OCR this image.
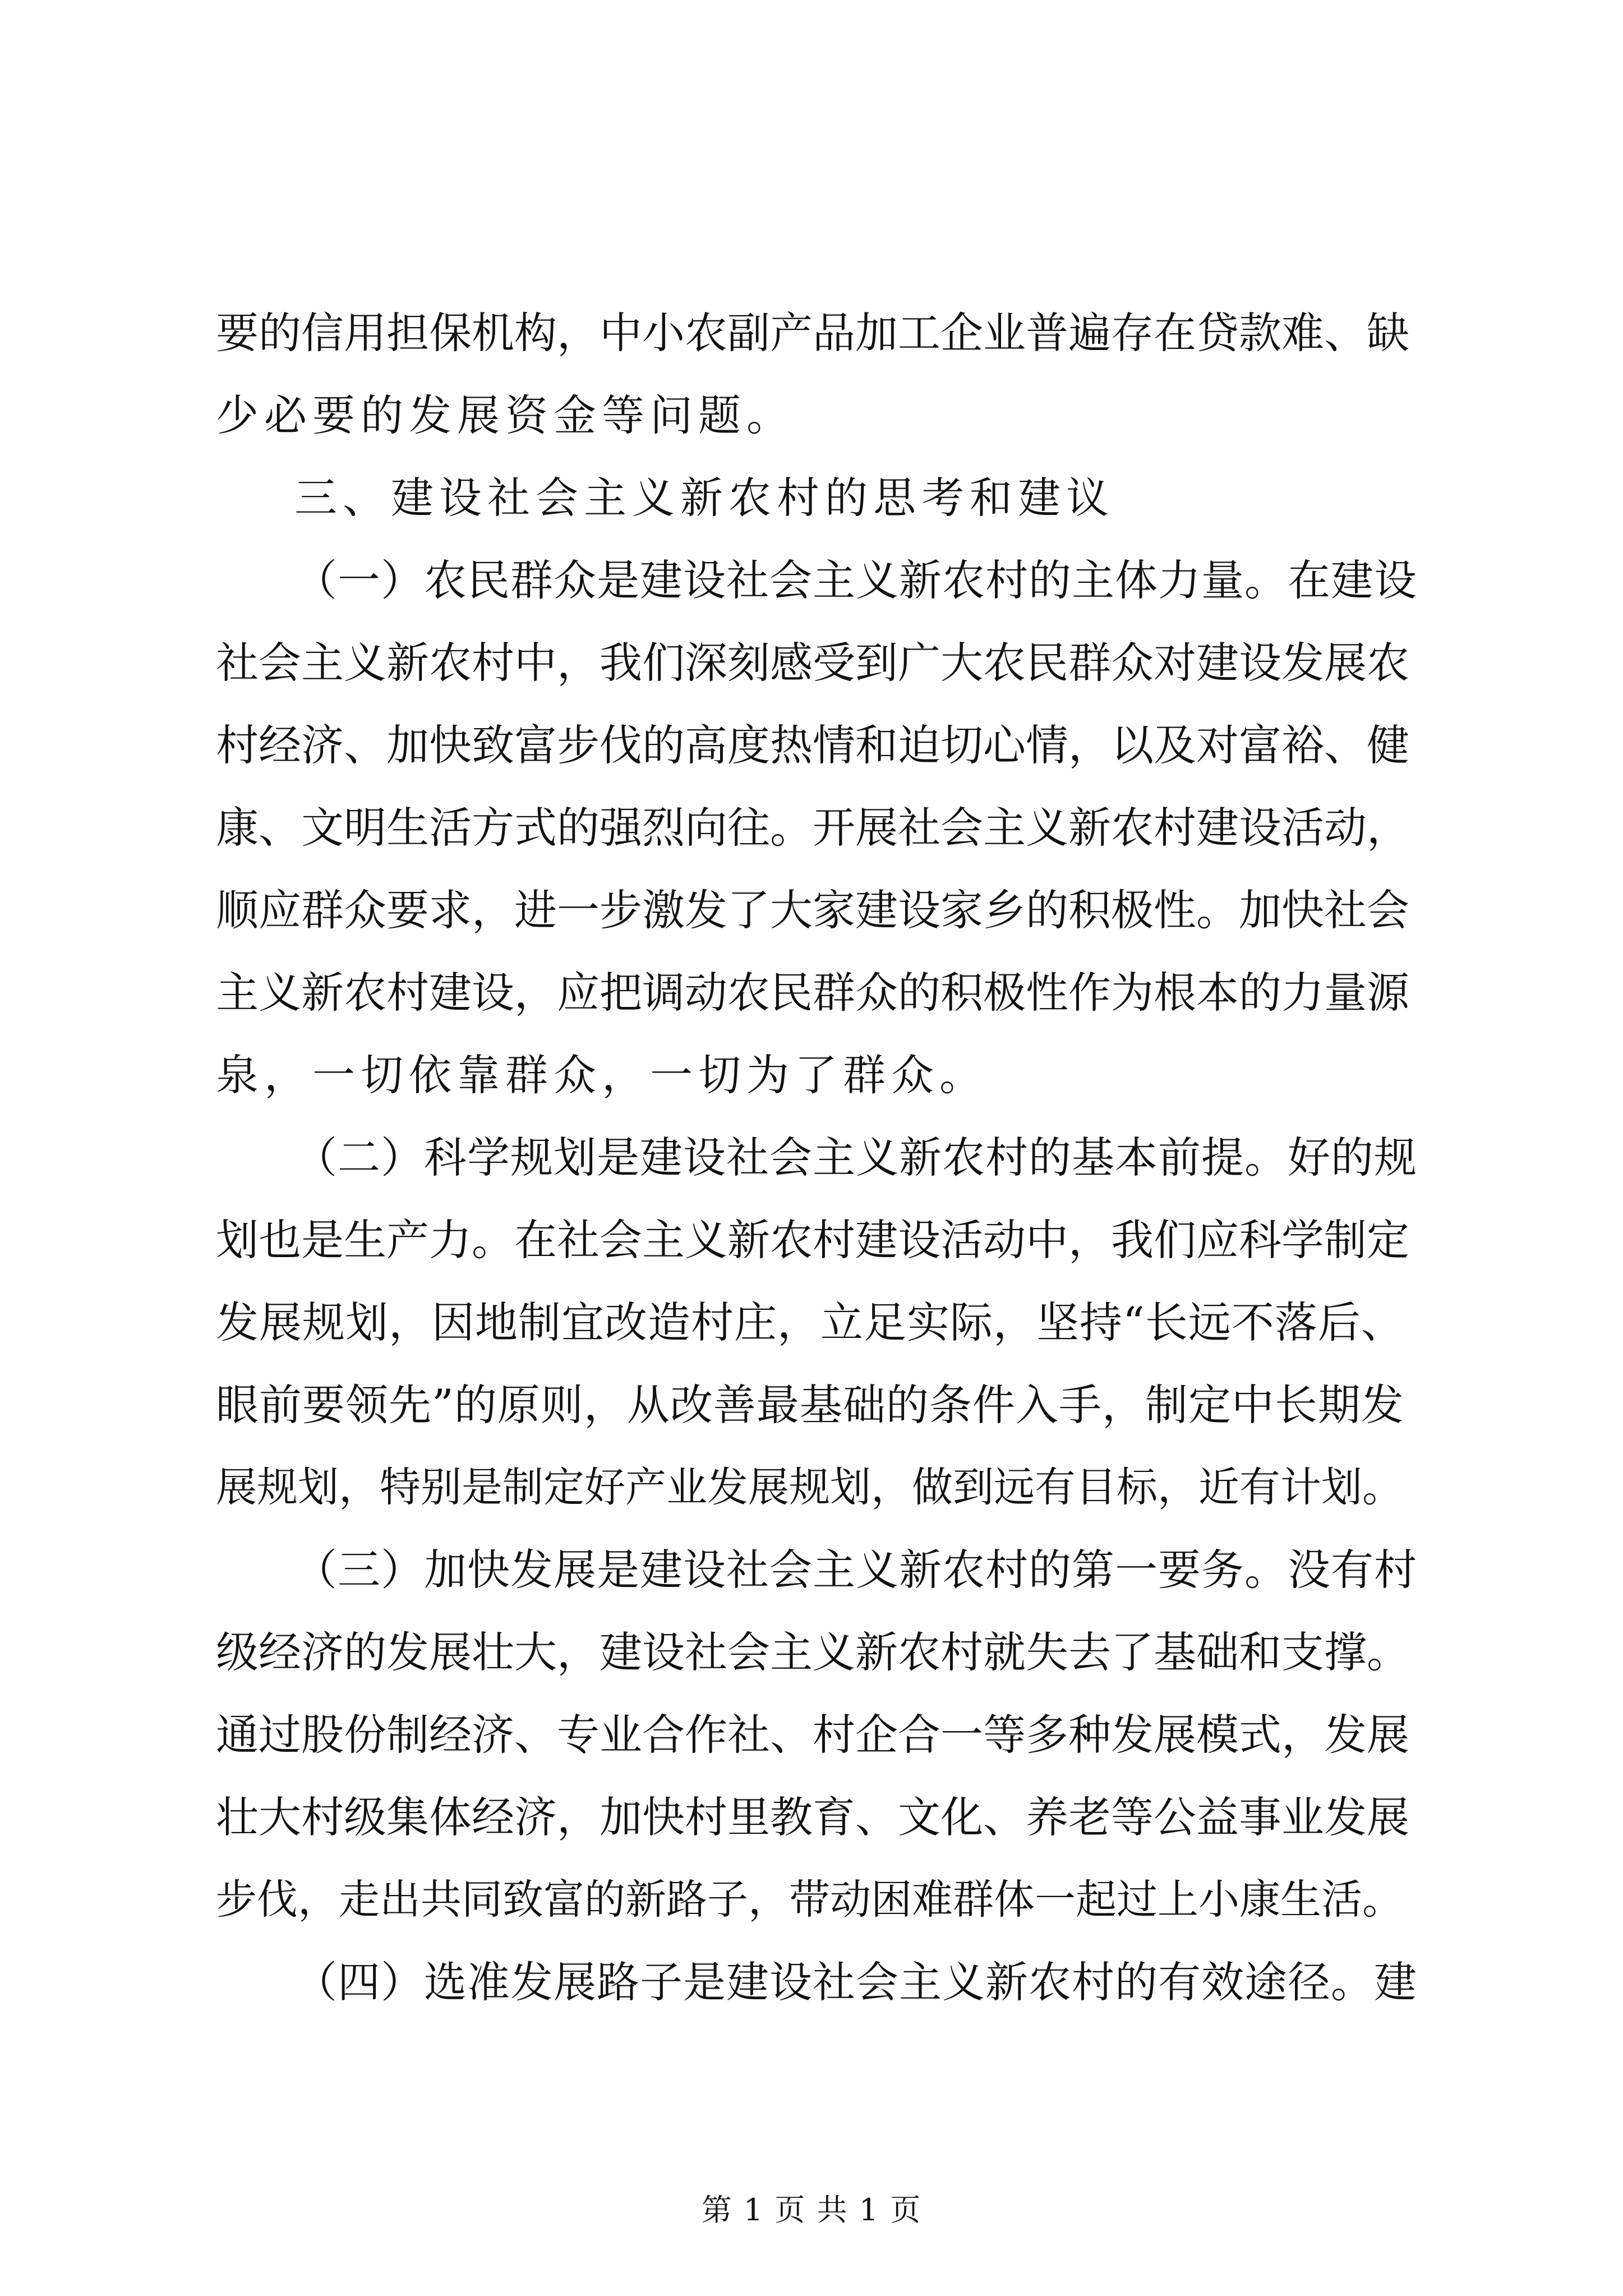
要的信用担保机构，中小农副产品加工企业普遍存在贷款难、缺
少必要的发展资金等问题。
三、建设社会主义新农村的思考和建议
（一）农民群众是建设社会主义新农村的主体力量。在建设
社会主义新农村中，我们深刻感受到广大农民群众对建设发展农
村经济、加快致富步伐的高度热情和迫切心情，以及对富裕、健
康、文明生活方式的强烈向往。开展社会主义新农村建设活动，
顺应群众要求，进一步激发了大家建设家乡的积极性。加快社会
主义新农村建设，应把调动农民群众的积极性作为根本的力量源
泉，一切依靠群众，一切为了群众。
（二）科学规划是建设社会主义新农村的基本前提。好的规
划也是生产力。在社会主义新农村建设活动中，我们应科学制定
发展规划，因地制宜改造村庄，立足实际，坚持“长远不落后、
眼前要领先”的原则，从改善最基础的条件入手，制定中长期发
展规划，特别是制定好产业发展规划，做到远有目标，近有计划。
（三）加快发展是建设社会主义新农村的第一要务。没有村
级经济的发展壮大，建设社会主义新农村就失去了基础和支撑。
通过股份制经济、专业合作社、村企合一等多种发展模式，发展
壮大村级集体经济，加快村里教育、文化、养老等公益事业发展
步伐，走出共同致富的新路子，带动困难群体一起过上小康生活。
（四）选准发展路子是建设社会主义新农村的有效途径。建
第 1 页 共 1 页
